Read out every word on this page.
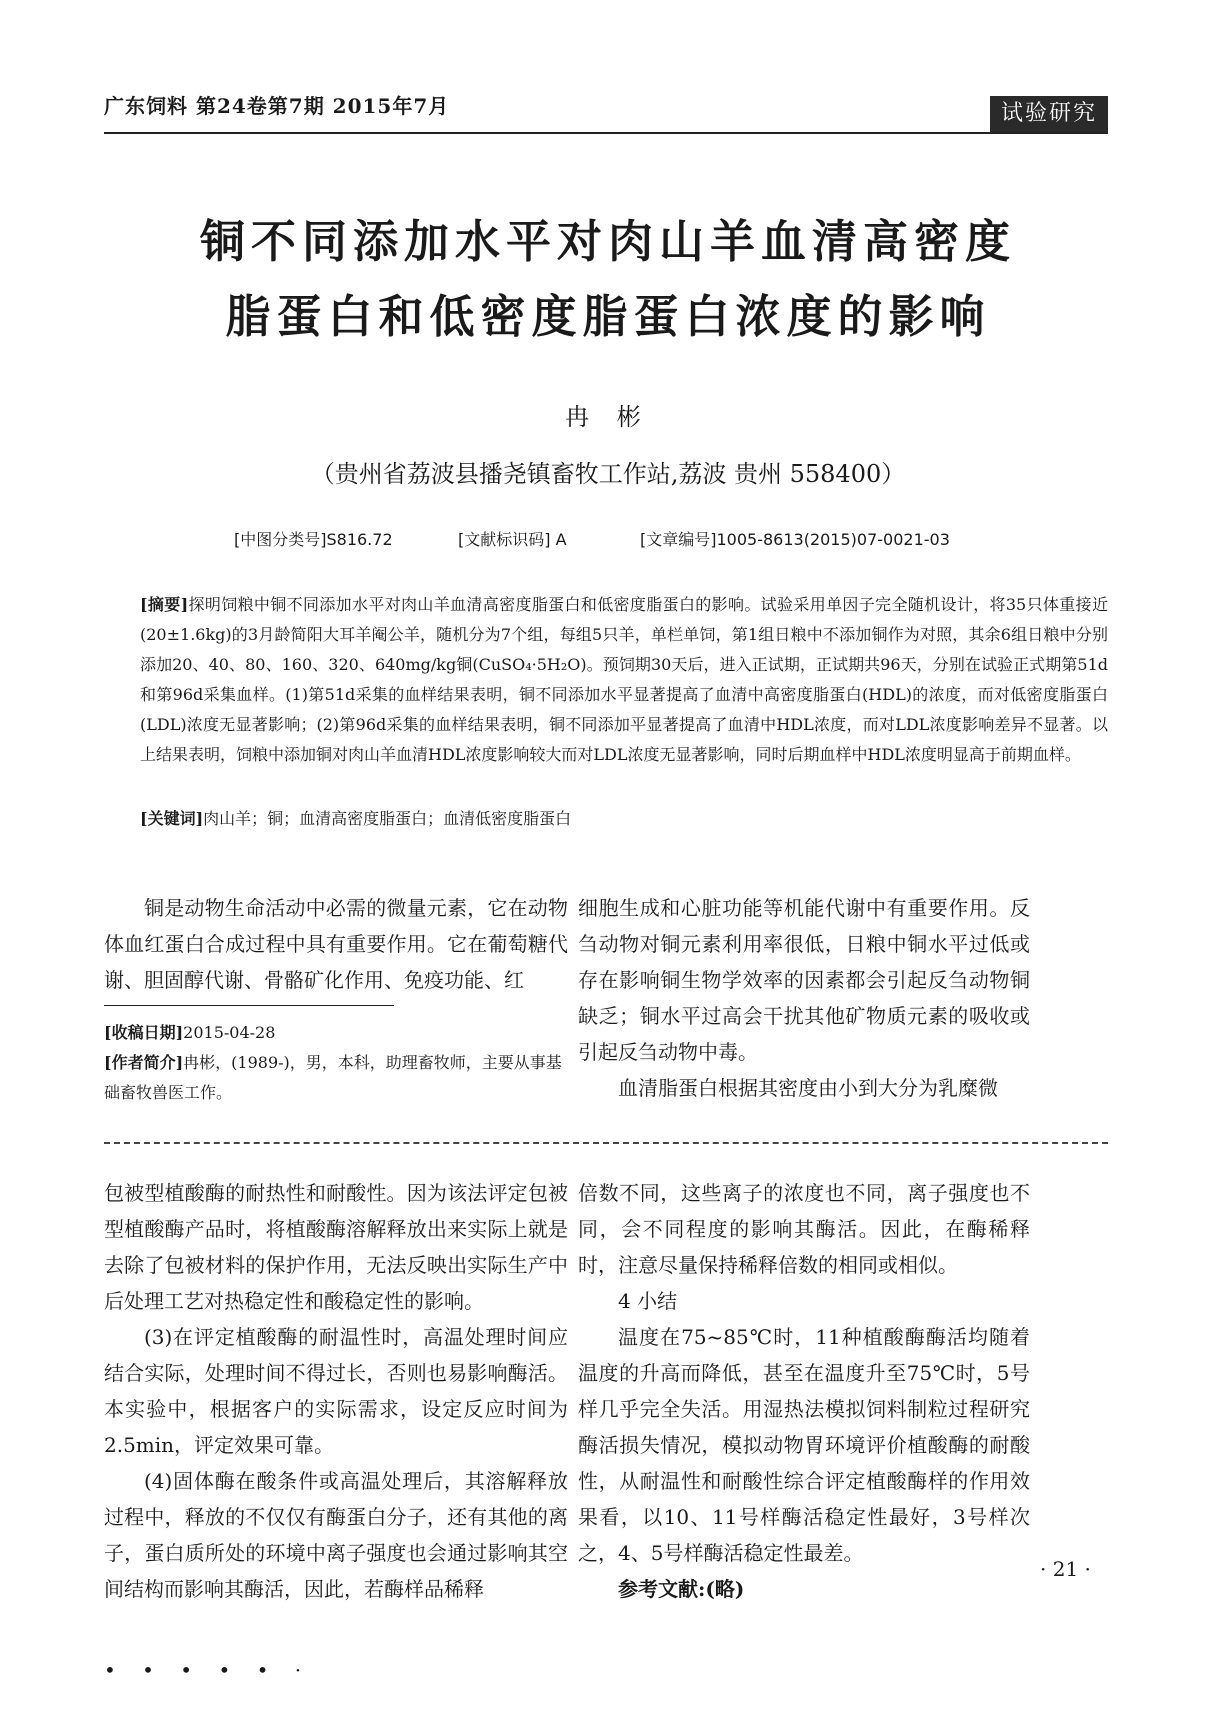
广东饲料 第24卷第7期 2015年7月	试验研究
铜不同添加水平对肉山羊血清高密度
脂蛋白和低密度脂蛋白浓度的影响
冉 彬
（贵州省荔波县播尧镇畜牧工作站,荔波 贵州 558400）
[中图分类号]S816.72	[文献标识码] A	[文章编号]1005-8613(2015)07-0021-03
[摘要]探明饲粮中铜不同添加水平对肉山羊血清高密度脂蛋白和低密度脂蛋白的影响。试验采用单因子完全随机设计，将35只体重接近(20±1.6kg)的3月龄简阳大耳羊阉公羊，随机分为7个组，每组5只羊，单栏单饲，第1组日粮中不添加铜作为对照，其余6组日粮中分别添加20、40、80、160、320、640mg/kg铜(CuSO₄·5H₂O)。预饲期30天后，进入正试期，正试期共96天，分别在试验正式期第51d和第96d采集血样。(1)第51d采集的血样结果表明，铜不同添加水平显著提高了血清中高密度脂蛋白(HDL)的浓度，而对低密度脂蛋白(LDL)浓度无显著影响；(2)第96d采集的血样结果表明，铜不同添加平显著提高了血清中HDL浓度，而对LDL浓度影响差异不显著。以上结果表明，饲粮中添加铜对肉山羊血清HDL浓度影响较大而对LDL浓度无显著影响，同时后期血样中HDL浓度明显高于前期血样。
[关键词]肉山羊；铜；血清高密度脂蛋白；血清低密度脂蛋白

铜是动物生命活动中必需的微量元素，它在动物体血红蛋白合成过程中具有重要作用。它在葡萄糖代谢、胆固醇代谢、骨骼矿化作用、免疫功能、红

细胞生成和心脏功能等机能代谢中有重要作用。反刍动物对铜元素利用率很低，日粮中铜水平过低或存在影响铜生物学效率的因素都会引起反刍动物铜缺乏；铜水平过高会干扰其他矿物质元素的吸收或引起反刍动物中毒。

血清脂蛋白根据其密度由小到大分为乳糜微

[收稿日期]2015-04-28
[作者简介]冉彬，(1989-)，男，本科，助理畜牧师，主要从事基础畜牧兽医工作。

包被型植酸酶的耐热性和耐酸性。因为该法评定包被型植酸酶产品时，将植酸酶溶解释放出来实际上就是去除了包被材料的保护作用，无法反映出实际生产中后处理工艺对热稳定性和酸稳定性的影响。

(3)在评定植酸酶的耐温性时，高温处理时间应结合实际，处理时间不得过长，否则也易影响酶活。本实验中，根据客户的实际需求，设定反应时间为2.5min，评定效果可靠。

(4)固体酶在酸条件或高温处理后，其溶解释放过程中，释放的不仅仅有酶蛋白分子，还有其他的离子，蛋白质所处的环境中离子强度也会通过影响其空间结构而影响其酶活，因此，若酶样品稀释

倍数不同，这些离子的浓度也不同，离子强度也不同，会不同程度的影响其酶活。因此，在酶稀释时，注意尽量保持稀释倍数的相同或相似。

4 小结

温度在75~85℃时，11种植酸酶酶活均随着温度的升高而降低，甚至在温度升至75℃时，5号样几乎完全失活。用湿热法模拟饲料制粒过程研究酶活损失情况，模拟动物胃环境评价植酸酶的耐酸性，从耐温性和耐酸性综合评定植酸酶样的作用效果看，以10、11号样酶活稳定性最好，3号样次之，4、5号样酶活稳定性最差。

参考文献:(略)

· 21 ·
• • • • • ·
